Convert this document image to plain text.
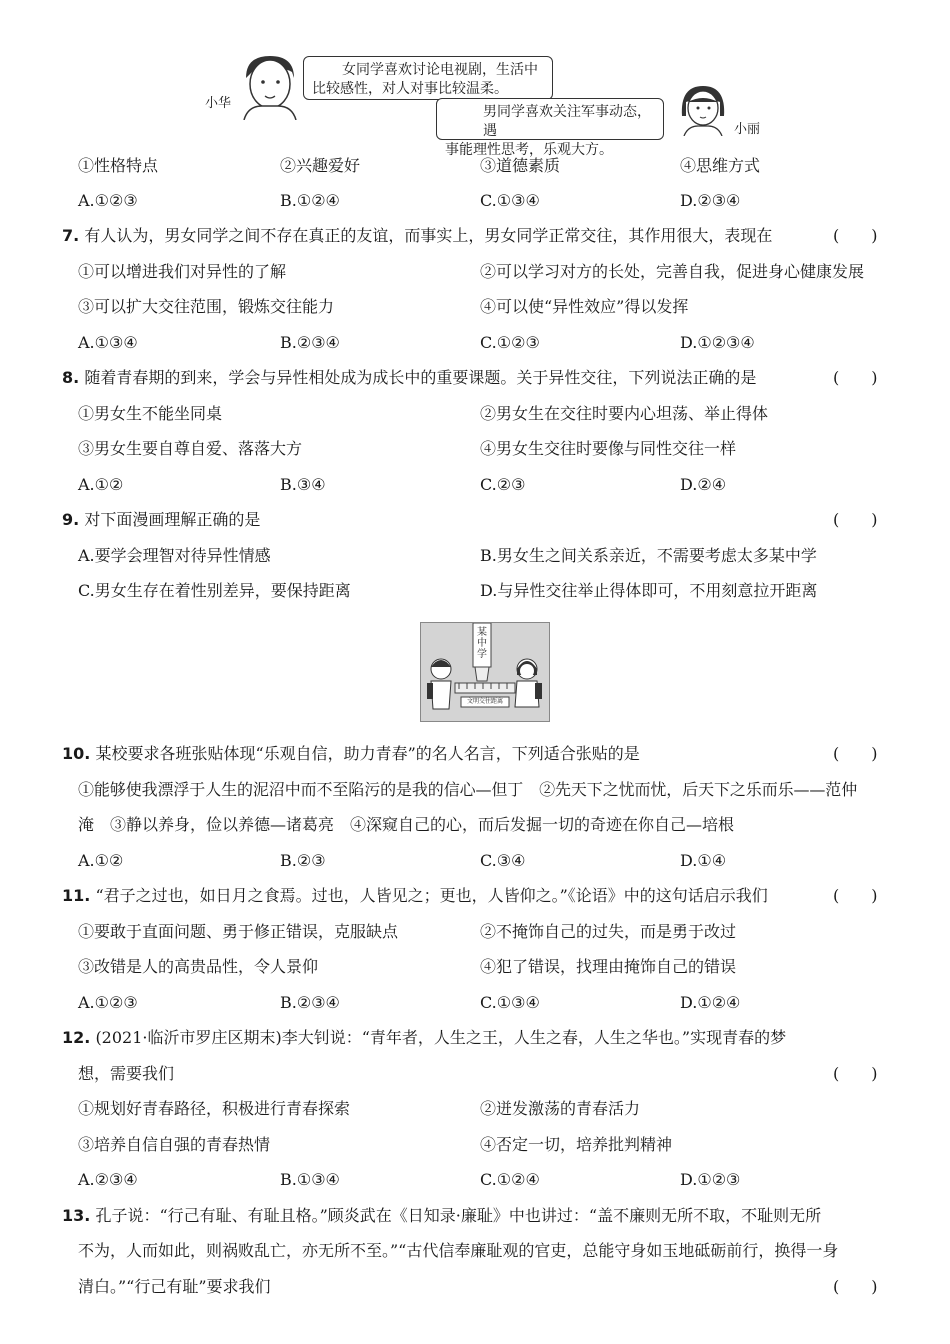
小华
女同学喜欢讨论电视剧，生活中
比较感性，对人对事比较温柔。
男同学喜欢关注军事动态，遇
事能理性思考，乐观大方。
小丽
①性格特点	②兴趣爱好	③道德素质	④思维方式
A.①②③	B.①②④	C.①③④	D.②③④
7. 有人认为，男女同学之间不存在真正的友谊，而事实上，男女同学正常交往，其作用很大，表现在	(　　)
①可以增进我们对异性的了解	②可以学习对方的长处，完善自我，促进身心健康发展
③可以扩大交往范围，锻炼交往能力	④可以使“异性效应”得以发挥
A.①③④	B.②③④	C.①②③	D.①②③④
8. 随着青春期的到来，学会与异性相处成为成长中的重要课题。关于异性交往，下列说法正确的是	(　　)
①男女生不能坐同桌	②男女生在交往时要内心坦荡、举止得体
③男女生要自尊自爱、落落大方	④男女生交往时要像与同性交往一样
A.①②	B.③④	C.②③	D.②④
9. 对下面漫画理解正确的是	(　　)
A.要学会理智对待异性情感	B.男女生之间关系亲近，不需要考虑太多某中学
C.男女生存在着性别差异，要保持距离	D.与异性交往举止得体即可，不用刻意拉开距离
某中学
文明交往距离
10. 某校要求各班张贴体现“乐观自信，助力青春”的名人名言，下列适合张贴的是	(　　)
①能够使我漂浮于人生的泥沼中而不至陷污的是我的信心—但丁　②先天下之忧而忧，后天下之乐而乐——范仲
淹　③静以养身，俭以养德—诸葛亮　④深窥自己的心，而后发掘一切的奇迹在你自己—培根
A.①②	B.②③	C.③④	D.①④
11. “君子之过也，如日月之食焉。过也，人皆见之；更也，人皆仰之。”《论语》中的这句话启示我们	(　　)
①要敢于直面问题、勇于修正错误，克服缺点	②不掩饰自己的过失，而是勇于改过
③改错是人的高贵品性，令人景仰	④犯了错误，找理由掩饰自己的错误
A.①②③	B.②③④	C.①③④	D.①②④
12. (2021·临沂市罗庄区期末)李大钊说：“青年者，人生之王，人生之春，人生之华也。”实现青春的梦
想，需要我们	(　　)
①规划好青春路径，积极进行青春探索	②迸发激荡的青春活力
③培养自信自强的青春热情	④否定一切，培养批判精神
A.②③④	B.①③④	C.①②④	D.①②③
13. 孔子说：“行己有耻、有耻且格。”顾炎武在《日知录·廉耻》中也讲过：“盖不廉则无所不取，不耻则无所
不为，人而如此，则祸败乱亡，亦无所不至。”“古代信奉廉耻观的官吏，总能守身如玉地砥砺前行，换得一身
清白。”“行己有耻”要求我们	(　　)
